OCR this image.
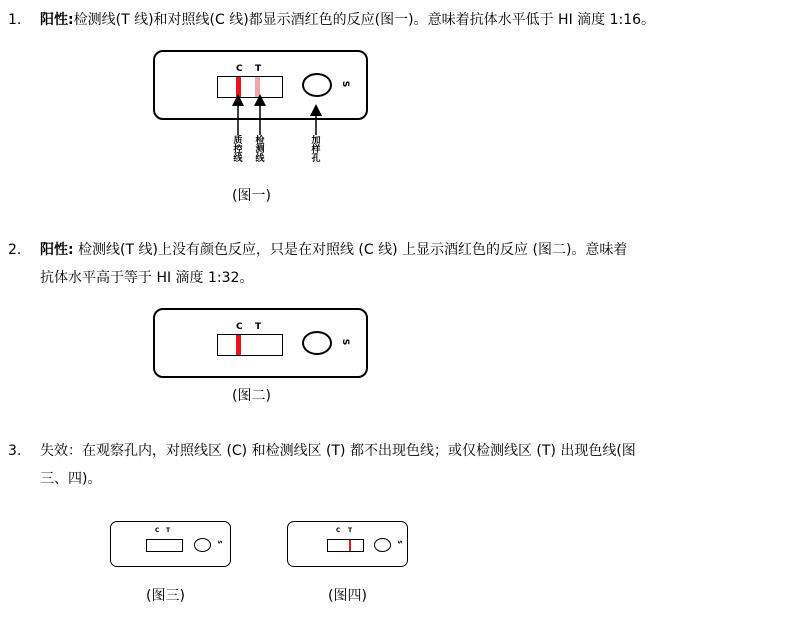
1.	阳性:检测线(T 线)和对照线(C 线)都显示酒红色的反应(图一)。意味着抗体水平低于 HI 滴度 1:16。
C T
S
质
控
线
检
测
线
加
样
孔
(图一)
2.	阳性: 检测线(T 线)上没有颜色反应，只是在对照线 (C 线) 上显示酒红色的反应 (图二)。意味着
抗体水平高于等于 HI 滴度 1:32。
C T
S
(图二)
3.	失效：在观察孔内，对照线区 (C) 和检测线区 (T) 都不出现色线；或仅检测线区 (T) 出现色线(图
三、四)。
C T
S
(图三)
C T
S
(图四)
